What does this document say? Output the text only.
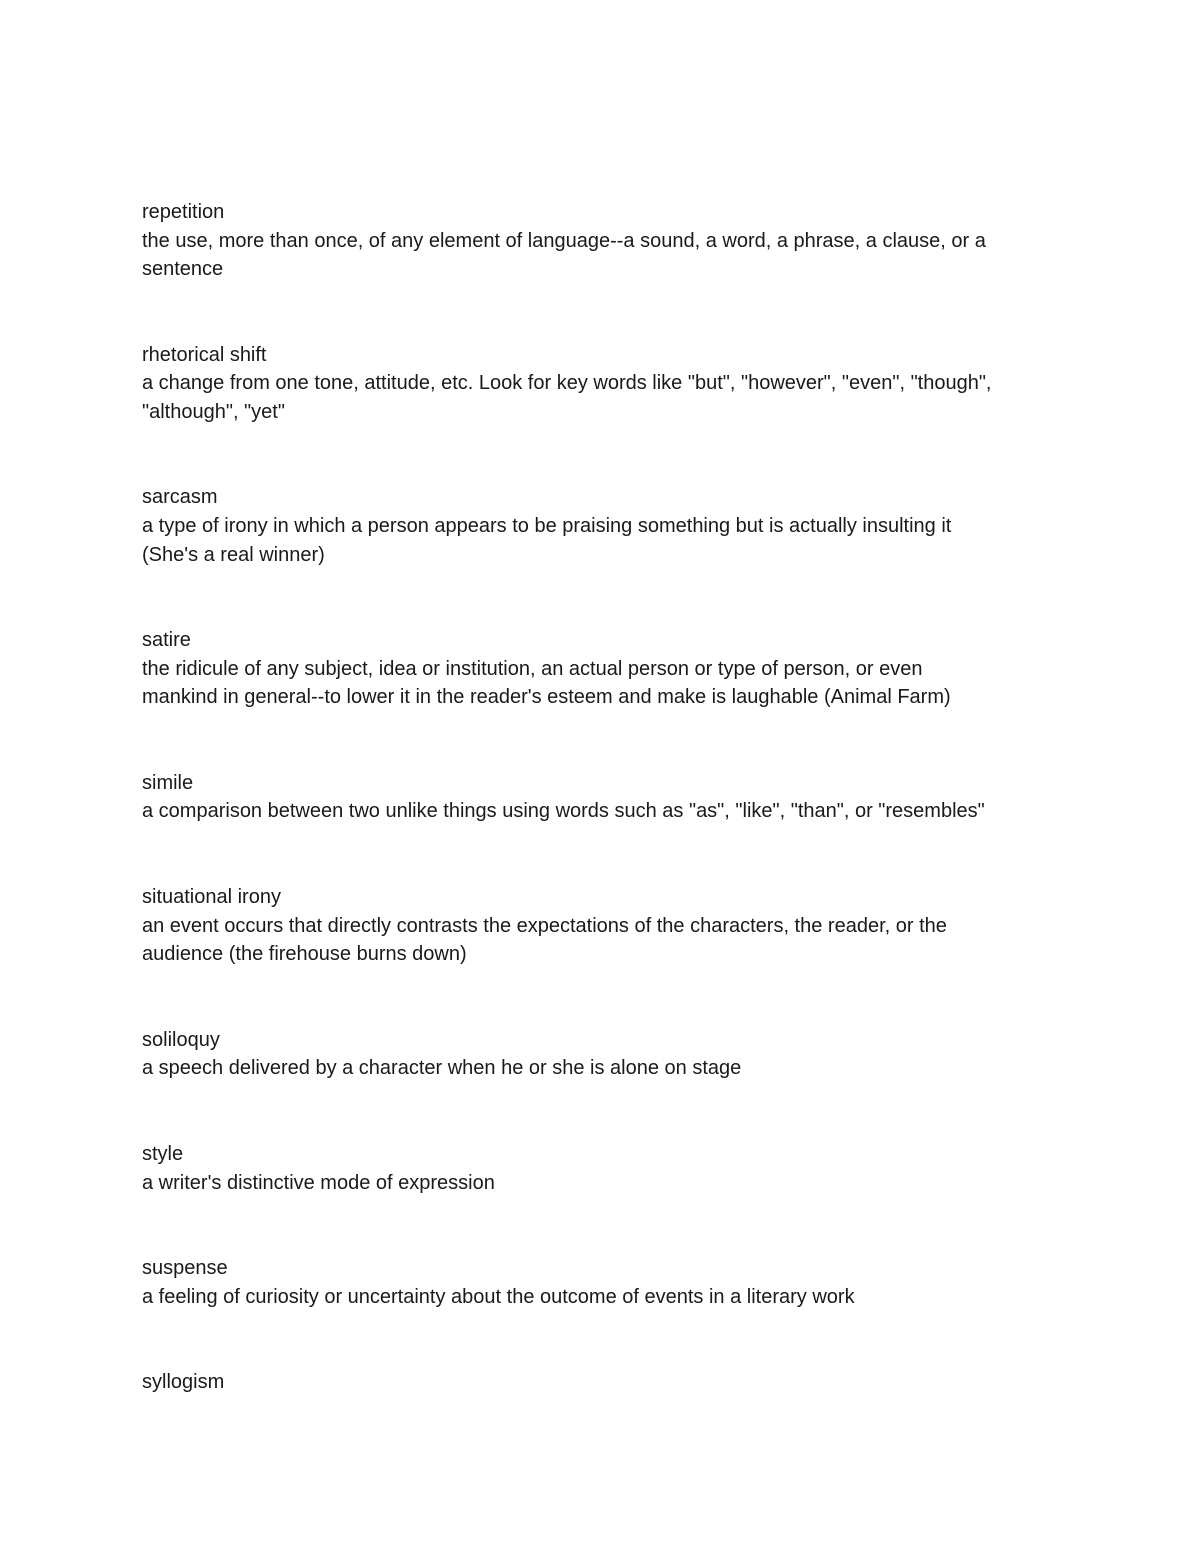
repetition
the use, more than once, of any element of language--a sound, a word, a phrase, a clause, or a
sentence
rhetorical shift
a change from one tone, attitude, etc. Look for key words like "but", "however", "even", "though",
"although", "yet"
sarcasm
a type of irony in which a person appears to be praising something but is actually insulting it
(She's a real winner)
satire
the ridicule of any subject, idea or institution, an actual person or type of person, or even
mankind in general--to lower it in the reader's esteem and make is laughable (Animal Farm)
simile
a comparison between two unlike things using words such as "as", "like", "than", or "resembles"
situational irony
an event occurs that directly contrasts the expectations of the characters, the reader, or the
audience (the firehouse burns down)
soliloquy
a speech delivered by a character when he or she is alone on stage
style
a writer's distinctive mode of expression
suspense
a feeling of curiosity or uncertainty about the outcome of events in a literary work
syllogism
